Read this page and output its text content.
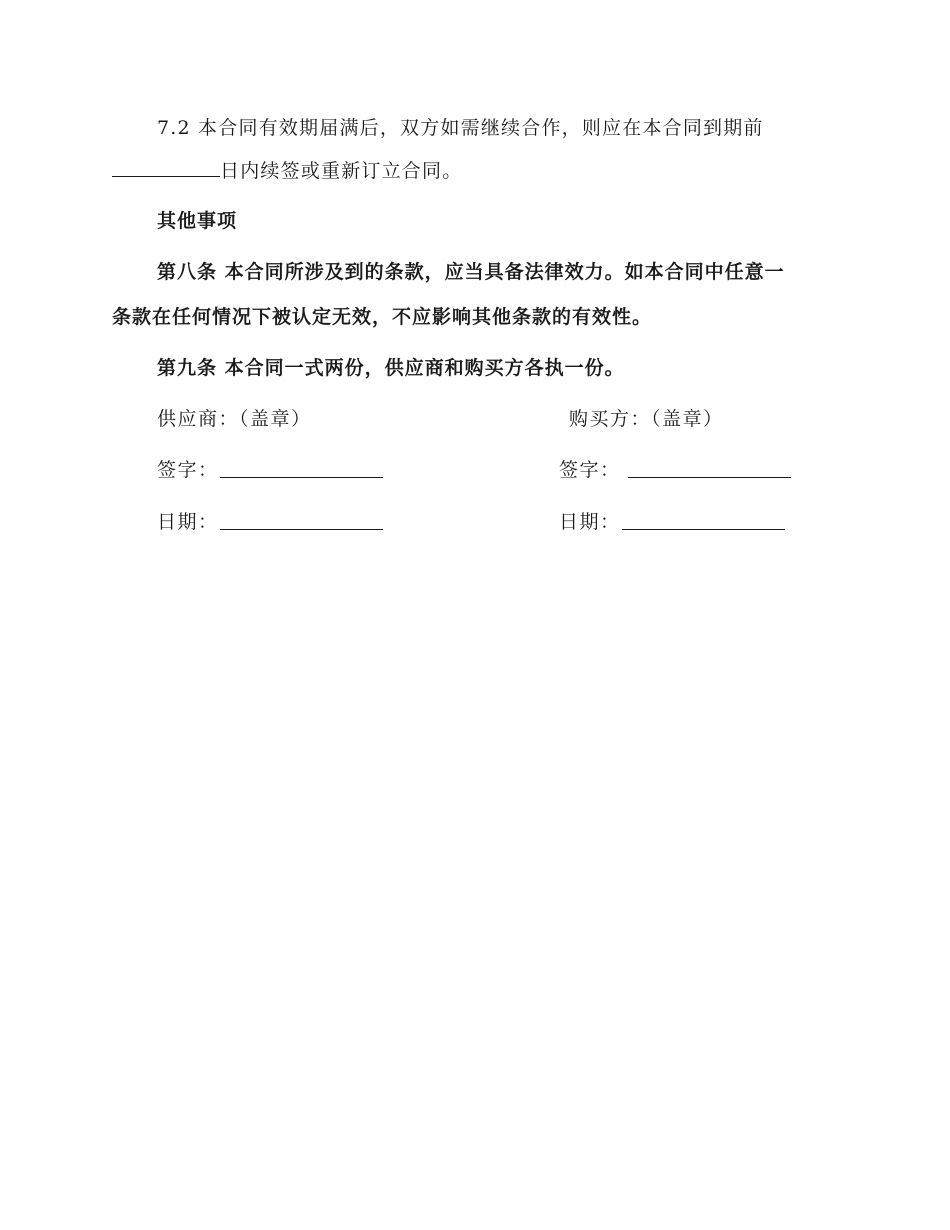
7.2 本合同有效期届满后，双方如需继续合作，则应在本合同到期前
日内续签或重新订立合同。
其他事项
第八条 本合同所涉及到的条款，应当具备法律效力。如本合同中任意一
条款在任何情况下被认定无效，不应影响其他条款的有效性。
第九条 本合同一式两份，供应商和购买方各执一份。
供应商：（盖章）	购买方：（盖章）
签字：	签字：
日期：	日期：
